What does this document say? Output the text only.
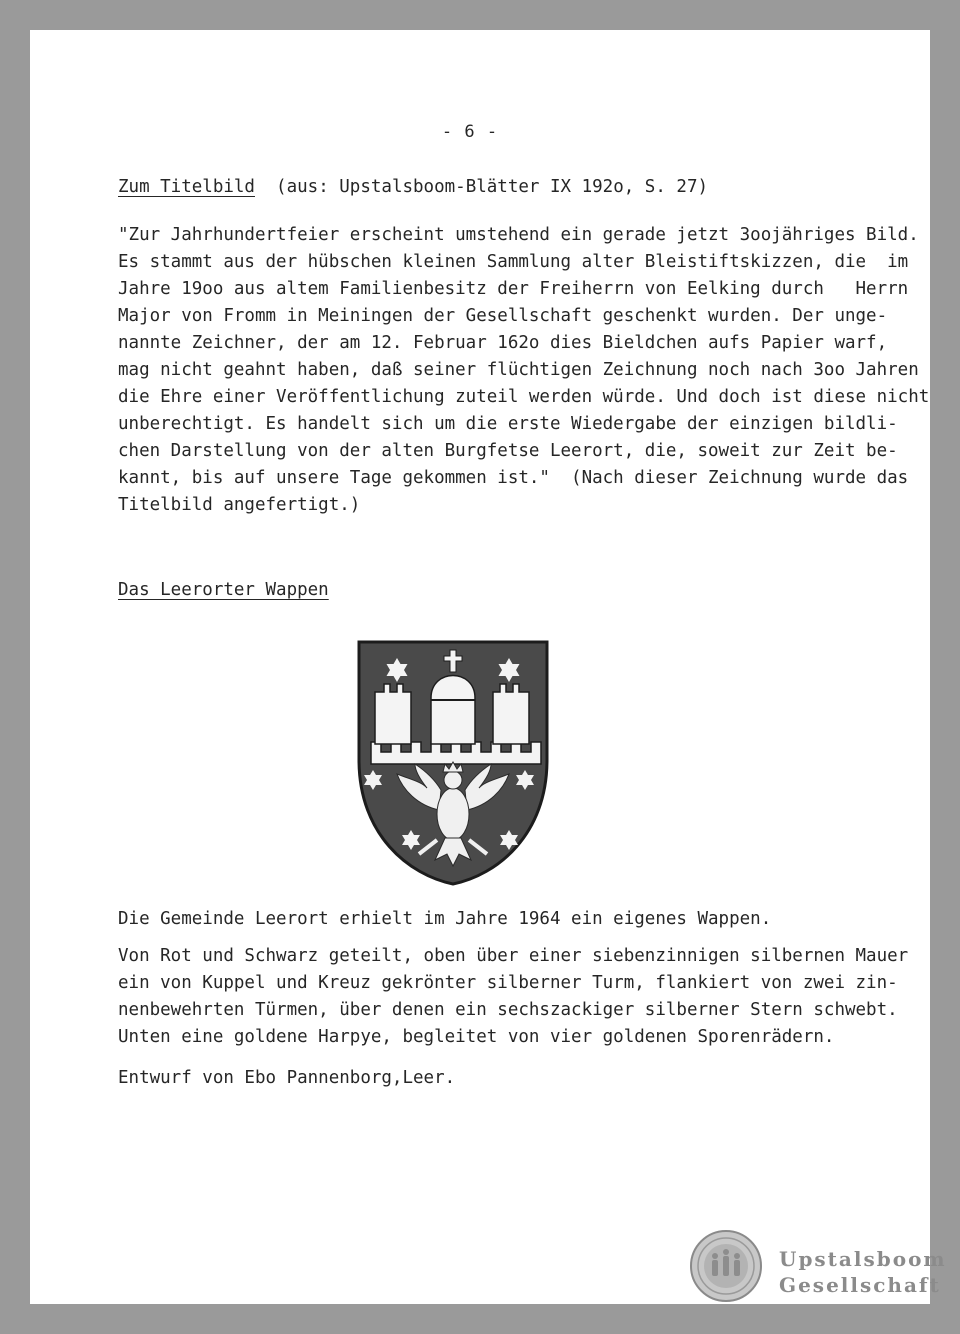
- 6 -
Zum Titelbild (aus: Upstalsboom-Blätter IX 192o, S. 27)
"Zur Jahrhundertfeier erscheint umstehend ein gerade jetzt 3oojähriges Bild.
Es stammt aus der hübschen kleinen Sammlung alter Bleistiftskizzen, die  im
Jahre 19oo aus altem Familienbesitz der Freiherrn von Eelking durch   Herrn
Major von Fromm in Meiningen der Gesellschaft geschenkt wurden. Der unge-
nannte Zeichner, der am 12. Februar 162o dies Bieldchen aufs Papier warf,
mag nicht geahnt haben, daß seiner flüchtigen Zeichnung noch nach 3oo Jahren
die Ehre einer Veröffentlichung zuteil werden würde. Und doch ist diese nicht
unberechtigt. Es handelt sich um die erste Wiedergabe der einzigen bildli-
chen Darstellung von der alten Burgfetse Leerort, die, soweit zur Zeit be-
kannt, bis auf unsere Tage gekommen ist."  (Nach dieser Zeichnung wurde das
Titelbild angefertigt.)
Das Leerorter Wappen
Die Gemeinde Leerort erhielt im Jahre 1964 ein eigenes Wappen.
Von Rot und Schwarz geteilt, oben über einer siebenzinnigen silbernen Mauer
ein von Kuppel und Kreuz gekrönter silberner Turm, flankiert von zwei zin-
nenbewehrten Türmen, über denen ein sechszackiger silberner Stern schwebt.
Unten eine goldene Harpye, begleitet von vier goldenen Sporenrädern.
Entwurf von Ebo Pannenborg,Leer.
Upstalsboom
Gesellschaft
